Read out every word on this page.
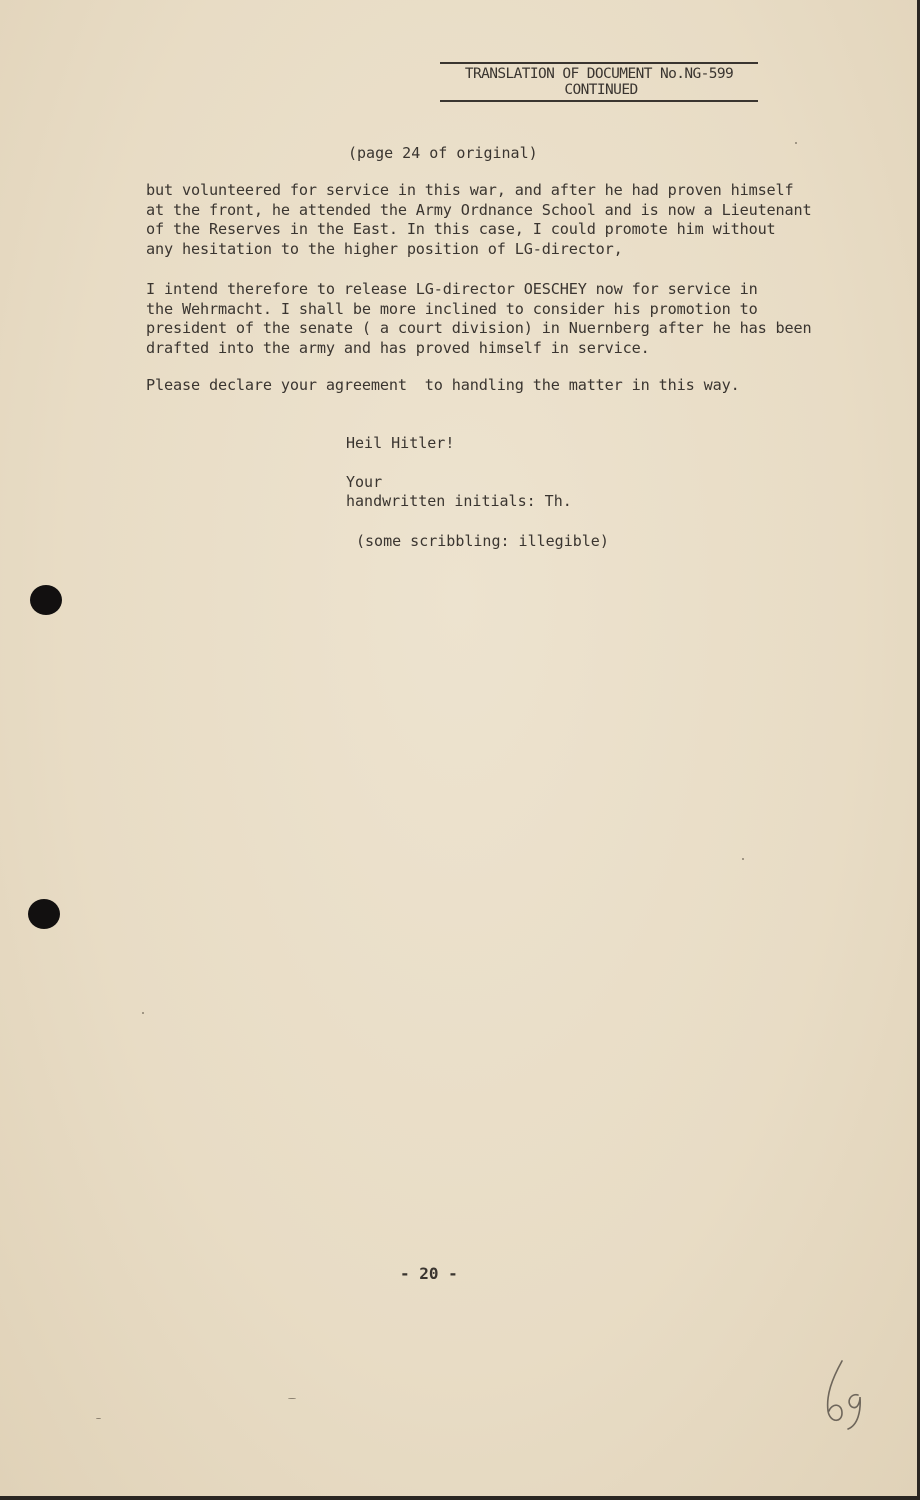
TRANSLATION OF DOCUMENT No.NG-599
CONTINUED
(page 24 of original)
but volunteered for service in this war, and after he had proven himself
at the front, he attended the Army Ordnance School and is now a Lieutenant
of the Reserves in the East. In this case, I could promote him without
any hesitation to the higher position of LG-director,
I intend therefore to release LG-director OESCHEY now for service in
the Wehrmacht. I shall be more inclined to consider his promotion to
president of the senate ( a court division) in Nuernberg after he has been
drafted into the army and has proved himself in service.
Please declare your agreement  to handling the matter in this way.
Heil Hitler!
Your
handwritten initials: Th.
(some scribbling: illegible)
- 20 -
